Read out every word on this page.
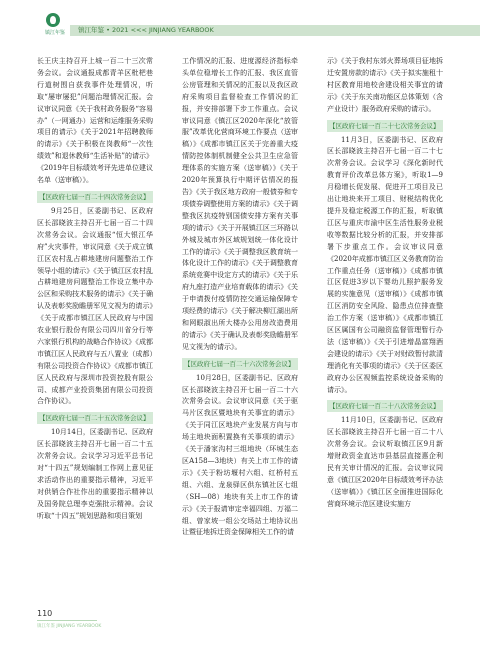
镇江年鉴	镇江年鉴 • 2021 <<< JINJIANG YEARBOOK

长王庆主持召开上城一百二十三次常务会议。会议通报成都青羊区枇杷巷行道树围自获我事件处理情况，听取“屡审屡犯”问题治理情况汇报。会议审议同意《关于我村政务服务“容易办”（一网通办）运营和运维服务采购项目的请示》《关于2021年招聘教师的请示》《关于积极在岗教师“一次性绩效”和退休教师“生活补贴”的请示》《2019年目标绩效考评先进单位建议名单（送审稿）》。

【区政府七届一百二十四次常务会议】

9月25日，区委副书记、区政府区长邵晓波主持召开七届一百二十四次常务会议。会议通报“恒大银江华府”火灾事件，审议同意《关于成立镇江区农村乱占耕地建房问题整治工作领导小组的请示》《关于镇江区农村乱占耕地建房问题整治工作设立集中办公区和采购技术服务的请示》《关于确认及表彰奖励瞻册军见文视为的请示》《关于成都市镇江区人民政府与中国农业银行股份有限公司四川省分行等六家银行机构的战略合作协议》《成都市镇江区人民政府与五八置业（成都）有限公司投资合作协议》《成都市镇江区人民政府与深圳市投资控股有限公司、成都产业投资集团有限公司投资合作协议》。

【区政府七届一百二十五次常务会议】

10月14日，区委副书记、区政府区长邵晓波主持召开七届一百二十五次常务会议。会议学习习近平总书记对“十四五”规划编制工作网上意见征求活动作出的重要指示精神，习近平对供销合作社作出的重要指示精神以及国务院总理李克强批示精神。会议听取“十四五”规划思路和项目策划

工作情况的汇报、进度源经济指标牵头单位稳增长工作的汇报、我区直管公房管理和关情况的汇报以及我区政府采购项目监督检查工作情况的汇报，并安排部署下步工作重点。会议审议同意《镇江区2020年深化“放管服”改革优化营商环境工作要点（送审稿）》《成都市镇江区关于完善重大疫情防控体制机制健全公共卫生应急管理体系的实施方案（送审稿）》《关于2020年预算执行中期评估情况的报告》《关于我区地方政府一般债券和专项债券调整使用方案的请示》《关于调整我区抗疫特别国债安排方案有关事项的请示》《关于开展镇江区三环路以外城及城市外区域规划统一体化设计工作的请示》《关于调整我区教育统一体化设计工作的请示》《关于调整教育系统竞赛中设定方式的请示》《关于乐府九座打造产业培育载体的请示》《关于申请拨付疫情防控交通运输保障专项经费的请示》《关于解决柳江湖出所和网眼淑出所大楼办公用房改造费用的请示》《关于确认及表彰奖励瞻册军见文视为的请示》。

【区政府七届一百二十六次常务会议】

10月28日，区委副书记、区政府区长邵晓波主持召开七届一百二十六次常务会议。会议审议同意《关于驱马片区我区暨地块有关事宜的请示》《关于同江区地块产业发展方向与市场主地块面积置换有关事项的请示》《关于潘家沟村三组地块（环城生态区A158—3地块）有关上市工作的请示》《关于粉坊堰村六组、红桥村五组、六组、龙泉驿区供东镇社区七组（SH—08）地块有关上市工作的请示》《关于报请审定幸福四组、万福二组、曾家坡一组公交场站土地协议出让暨征地拆迁资金保障相关工作的请

示》《关于我村东郊火葬场项目征地拆迁安置房款的请示》《关于拟实施租十村区教育用地校舍建设相关事宜的请示》《关于东关南功能区总体策划（含产业设计）服务政府采购的请示》。

【区政府七届一百二十七次常务会议】

11月3日，区委副书记、区政府区长邵晓波主持召开七届一百二十七次常务会议。会议学习《深化新时代教育评价改革总体方案》，听取1—9月稳增长促发展、促进开工项目及已出让地块来开工项目、财税结构优化提升及稳定税源工作的汇报，听取镇江区与重庆市渝中区生活性服务业税收等数据比较分析的汇报，并安排部署下步重点工作。会议审议同意《2020年成都市镇江区义务教育防治工作重点任务（送审稿）》《成都市镇江区促进3岁以下婴幼儿照护服务发展的实施意见（送审稿）》《成都市镇江区消防安全风险、隐患点位排查整治工作方案（送审稿）》《成都市镇江区区属国有公司融资监督管理暂行办法（送审稿）》《关于引进增晶富翔酒会建设的请示》《关于对财政暂付款清理消化有关事项的请示》《关于区委区政府办公区视频监控系统设备采购的请示》。

【区政府七届一百二十八次常务会议】

11月10日，区委副书记、区政府区长邵晓波主持召开七届一百二十八次常务会议。会议听取镇江区9月新增财政资金直达市县基层直接惠企利民有关审计情况的汇报。会议审议同意《镇江区2020年目标绩效考评办法（送审稿）》《镇江区全面推进国际化营商环境示范区建设实施方

110
镇江年鉴 JINJIANG YEARBOOK
